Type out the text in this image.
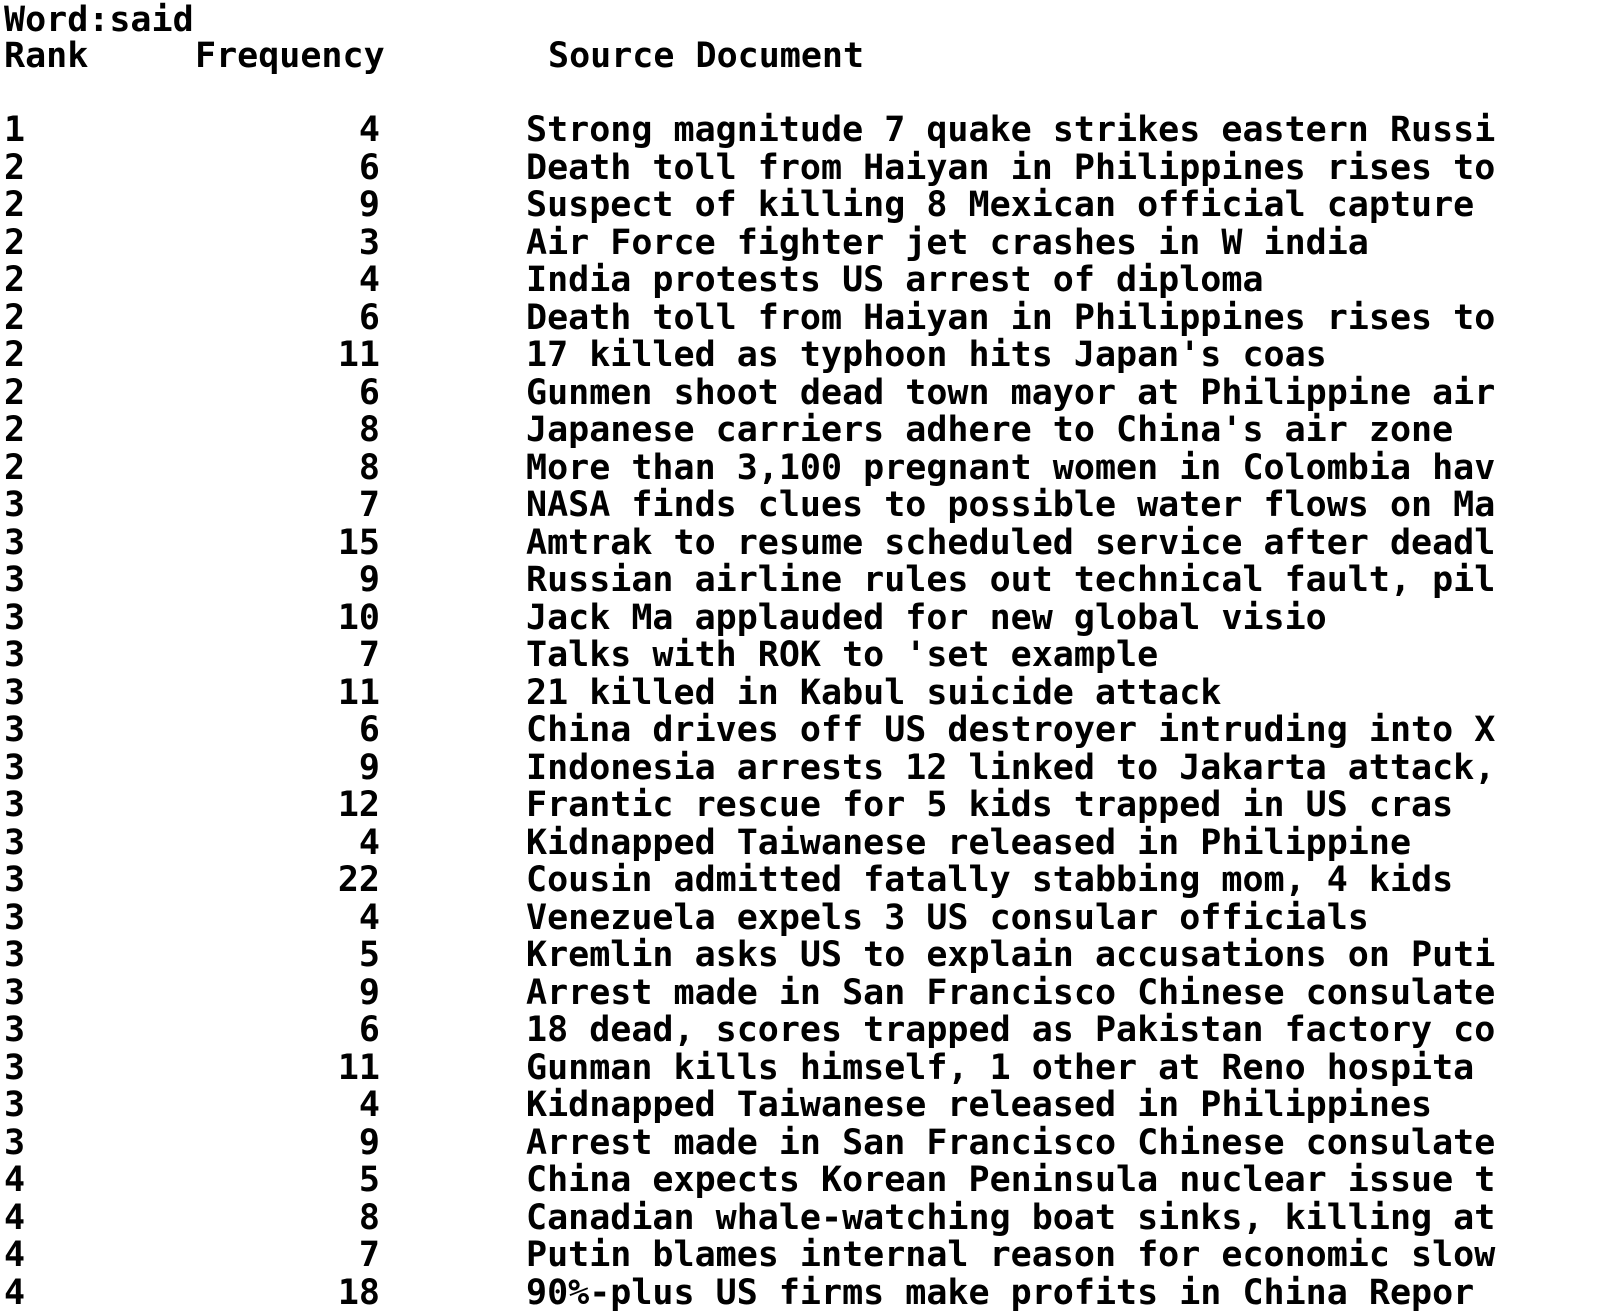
Word:said
Rank	Frequency	Source Document
1	4	Strong magnitude 7 quake strikes eastern Russi
2	6	Death toll from Haiyan in Philippines rises to
2	9	Suspect of killing 8 Mexican official capture
2	3	Air Force fighter jet crashes in W india
2	4	India protests US arrest of diploma
2	6	Death toll from Haiyan in Philippines rises to
2	11	17 killed as typhoon hits Japan's coas
2	6	Gunmen shoot dead town mayor at Philippine air
2	8	Japanese carriers adhere to China's air zone
2	8	More than 3,100 pregnant women in Colombia hav
3	7	NASA finds clues to possible water flows on Ma
3	15	Amtrak to resume scheduled service after deadl
3	9	Russian airline rules out technical fault, pil
3	10	Jack Ma applauded for new global visio
3	7	Talks with ROK to 'set example
3	11	21 killed in Kabul suicide attack
3	6	China drives off US destroyer intruding into X
3	9	Indonesia arrests 12 linked to Jakarta attack,
3	12	Frantic rescue for 5 kids trapped in US cras
3	4	Kidnapped Taiwanese released in Philippine
3	22	Cousin admitted fatally stabbing mom, 4 kids
3	4	Venezuela expels 3 US consular officials
3	5	Kremlin asks US to explain accusations on Puti
3	9	Arrest made in San Francisco Chinese consulate
3	6	18 dead, scores trapped as Pakistan factory co
3	11	Gunman kills himself, 1 other at Reno hospita
3	4	Kidnapped Taiwanese released in Philippines
3	9	Arrest made in San Francisco Chinese consulate
4	5	China expects Korean Peninsula nuclear issue t
4	8	Canadian whale-watching boat sinks, killing at
4	7	Putin blames internal reason for economic slow
4	18	90%-plus US firms make profits in China Repor
